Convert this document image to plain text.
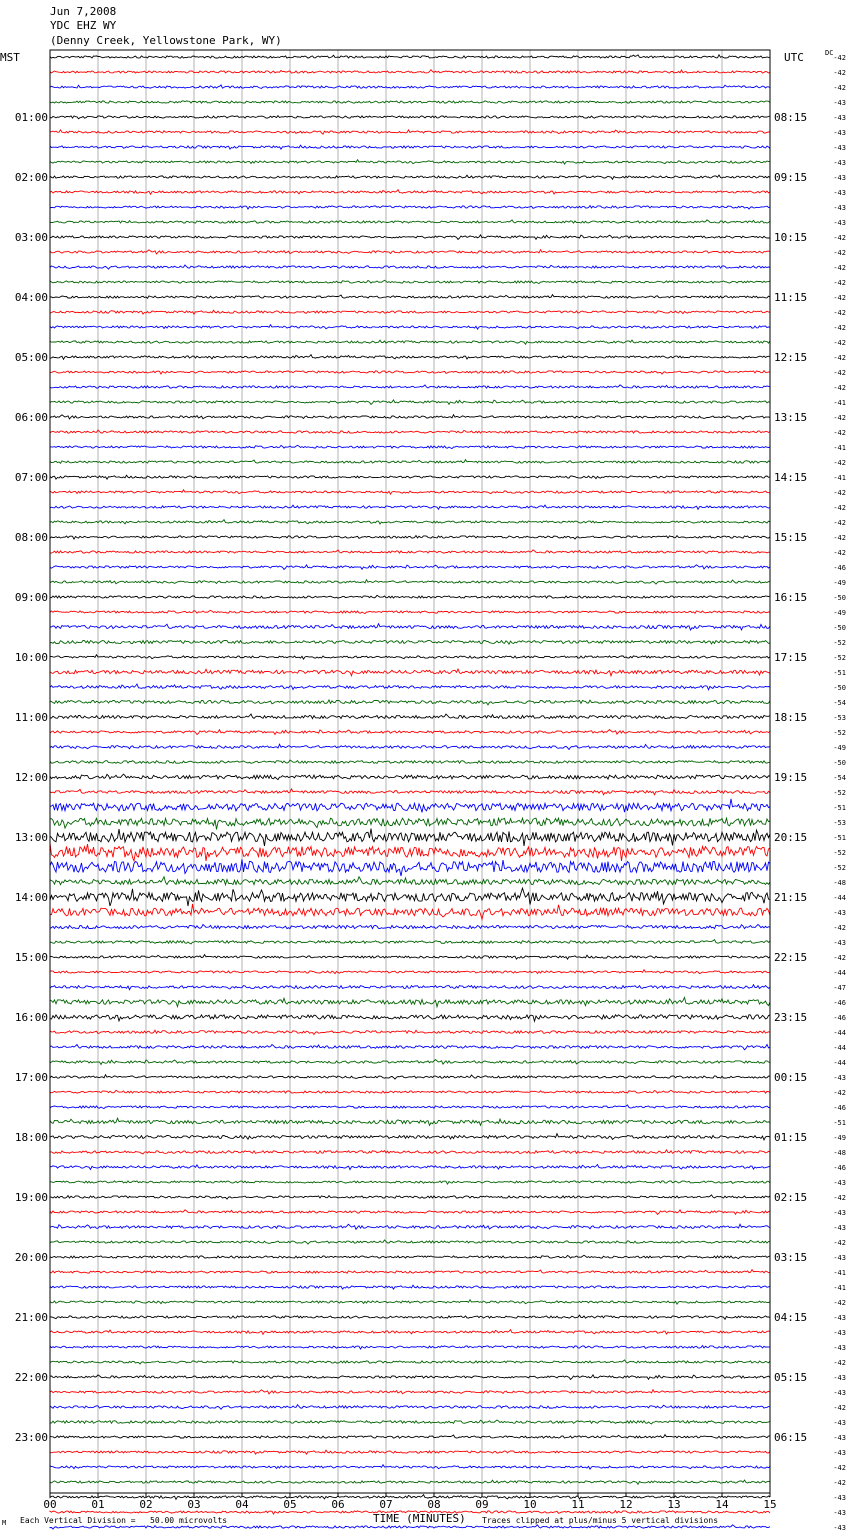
Jun 7,2008
YDC EHZ WY
(Denny Creek, Yellowstone Park, WY)
MST	UTC	DC
01:00
02:00
03:00
04:00
05:00
06:00
07:00
08:00
09:00
10:00
11:00
12:00
13:00
14:00
15:00
16:00
17:00
18:00
19:00
20:00
21:00
22:00
23:00
08:15
09:15
10:15
11:15
12:15
13:15
14:15
15:15
16:15
17:15
18:15
19:15
20:15
21:15
22:15
23:15
00:15
01:15
02:15
03:15
04:15
05:15
06:15
-42
-42
-42
-43
-43
-43
-43
-43
-43
-43
-43
-43
-42
-42
-42
-42
-42
-42
-42
-42
-42
-42
-42
-41
-42
-42
-41
-42
-41
-42
-42
-42
-42
-42
-46
-49
-50
-49
-50
-52
-52
-51
-50
-54
-53
-52
-49
-50
-54
-52
-51
-53
-51
-52
-52
-48
-44
-43
-42
-43
-42
-44
-47
-46
-46
-44
-44
-44
-43
-42
-46
-51
-49
-48
-46
-43
-42
-43
-43
-42
-43
-41
-41
-42
-43
-43
-43
-42
-43
-43
-42
-43
-43
-43
-42
-42
-43
-43
-43
00	01	02	03	04	05	06	07	08	09	10	11	12	13	14	15
TIME (MINUTES)
M Each Vertical Division =   50.00 microvolts	Traces clipped at plus/minus 5 vertical divisions
